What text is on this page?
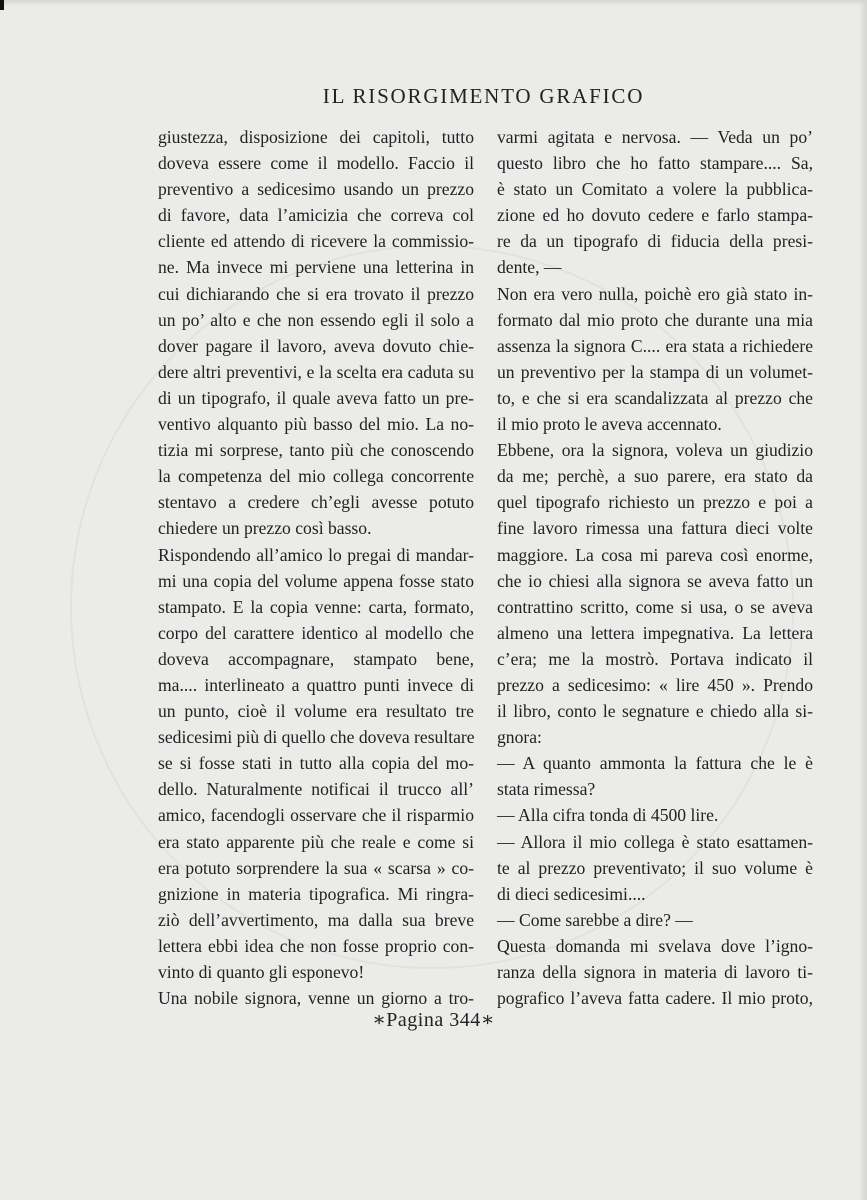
IL RISORGIMENTO GRAFICO
giustezza, disposizione dei capitoli, tutto
doveva essere come il modello. Faccio il
preventivo a sedicesimo usando un prezzo
di favore, data l’amicizia che correva col
cliente ed attendo di ricevere la commissio-
ne. Ma invece mi perviene una letterina in
cui dichiarando che si era trovato il prezzo
un po’ alto e che non essendo egli il solo a
dover pagare il lavoro, aveva dovuto chie-
dere altri preventivi, e la scelta era caduta su
di un tipografo, il quale aveva fatto un pre-
ventivo alquanto più basso del mio. La no-
tizia mi sorprese, tanto più che conoscendo
la competenza del mio collega concorrente
stentavo a credere ch’egli avesse potuto
chiedere un prezzo così basso.
Rispondendo all’amico lo pregai di mandar-
mi una copia del volume appena fosse stato
stampato. E la copia venne: carta, formato,
corpo del carattere identico al modello che
doveva accompagnare, stampato bene,
ma.... interlineato a quattro punti invece di
un punto, cioè il volume era resultato tre
sedicesimi più di quello che doveva resultare
se si fosse stati in tutto alla copia del mo-
dello. Naturalmente notificai il trucco all’
amico, facendogli osservare che il risparmio
era stato apparente più che reale e come si
era potuto sorprendere la sua « scarsa » co-
gnizione in materia tipografica. Mi ringra-
ziò dell’avvertimento, ma dalla sua breve
lettera ebbi idea che non fosse proprio con-
vinto di quanto gli esponevo!
Una nobile signora, venne un giorno a tro-
varmi agitata e nervosa. — Veda un po’
questo libro che ho fatto stampare.... Sa,
è stato un Comitato a volere la pubblica-
zione ed ho dovuto cedere e farlo stampa-
re da un tipografo di fiducia della presi-
dente, —
Non era vero nulla, poichè ero già stato in-
formato dal mio proto che durante una mia
assenza la signora C.... era stata a richiedere
un preventivo per la stampa di un volumet-
to, e che si era scandalizzata al prezzo che
il mio proto le aveva accennato.
Ebbene, ora la signora, voleva un giudizio
da me; perchè, a suo parere, era stato da
quel tipografo richiesto un prezzo e poi a
fine lavoro rimessa una fattura dieci volte
maggiore. La cosa mi pareva così enorme,
che io chiesi alla signora se aveva fatto un
contrattino scritto, come si usa, o se aveva
almeno una lettera impegnativa. La lettera
c’era; me la mostrò. Portava indicato il
prezzo a sedicesimo: « lire 450 ». Prendo
il libro, conto le segnature e chiedo alla si-
gnora:
— A quanto ammonta la fattura che le è
stata rimessa?
— Alla cifra tonda di 4500 lire.
— Allora il mio collega è stato esattamen-
te al prezzo preventivato; il suo volume è
di dieci sedicesimi....
— Come sarebbe a dire? —
Questa domanda mi svelava dove l’igno-
ranza della signora in materia di lavoro ti-
pografico l’aveva fatta cadere. Il mio proto,
∗Pagina 344∗
